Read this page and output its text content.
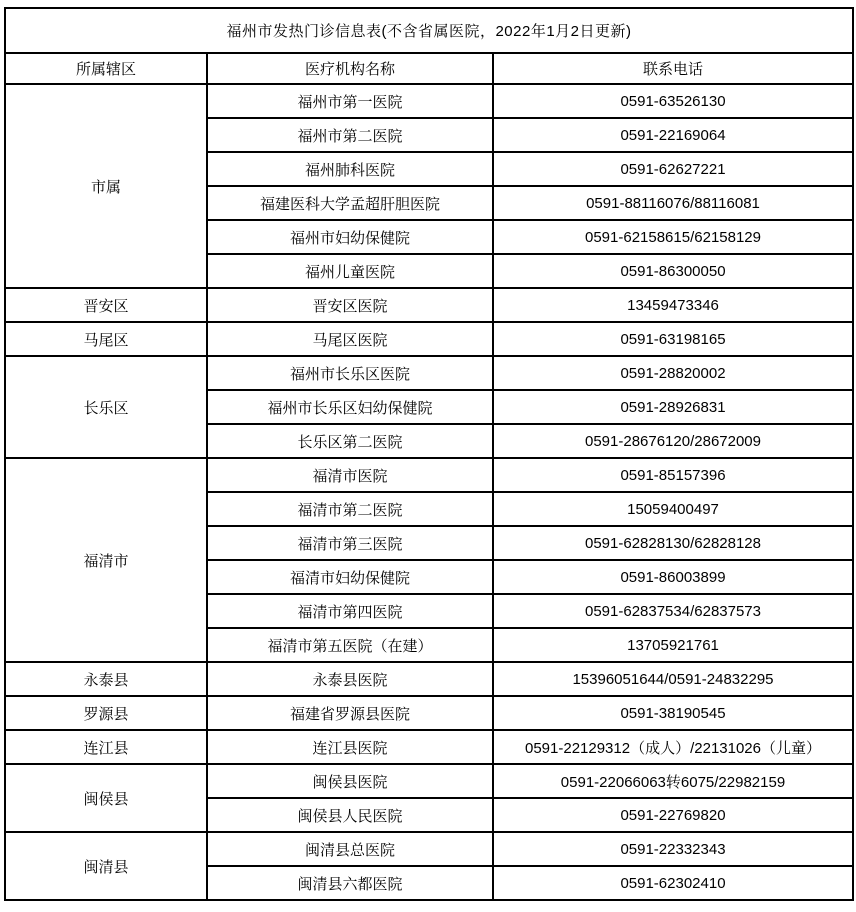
福州市发热门诊信息表(不含省属医院，2022年1月2日更新)		
所属辖区	医疗机构名称	联系电话
市属	福州市第一医院	0591-63526130
	福州市第二医院	0591-22169064
	福州肺科医院	0591-62627221
	福建医科大学孟超肝胆医院	0591-88116076/88116081
	福州市妇幼保健院	0591-62158615/62158129
	福州儿童医院	0591-86300050
晋安区	晋安区医院	13459473346
马尾区	马尾区医院	0591-63198165
长乐区	福州市长乐区医院	0591-28820002
	福州市长乐区妇幼保健院	0591-28926831
	长乐区第二医院	0591-28676120/28672009
福清市	福清市医院	0591-85157396
	福清市第二医院	15059400497
	福清市第三医院	0591-62828130/62828128
	福清市妇幼保健院	0591-86003899
	福清市第四医院	0591-62837534/62837573
	福清市第五医院（在建）	13705921761
永泰县	永泰县医院	15396051644/0591-24832295
罗源县	福建省罗源县医院	0591-38190545
连江县	连江县医院	0591-22129312（成人）/22131026（儿童）
闽侯县	闽侯县医院	0591-22066063转6075/22982159
	闽侯县人民医院	0591-22769820
闽清县	闽清县总医院	0591-22332343
	闽清县六都医院	0591-62302410
